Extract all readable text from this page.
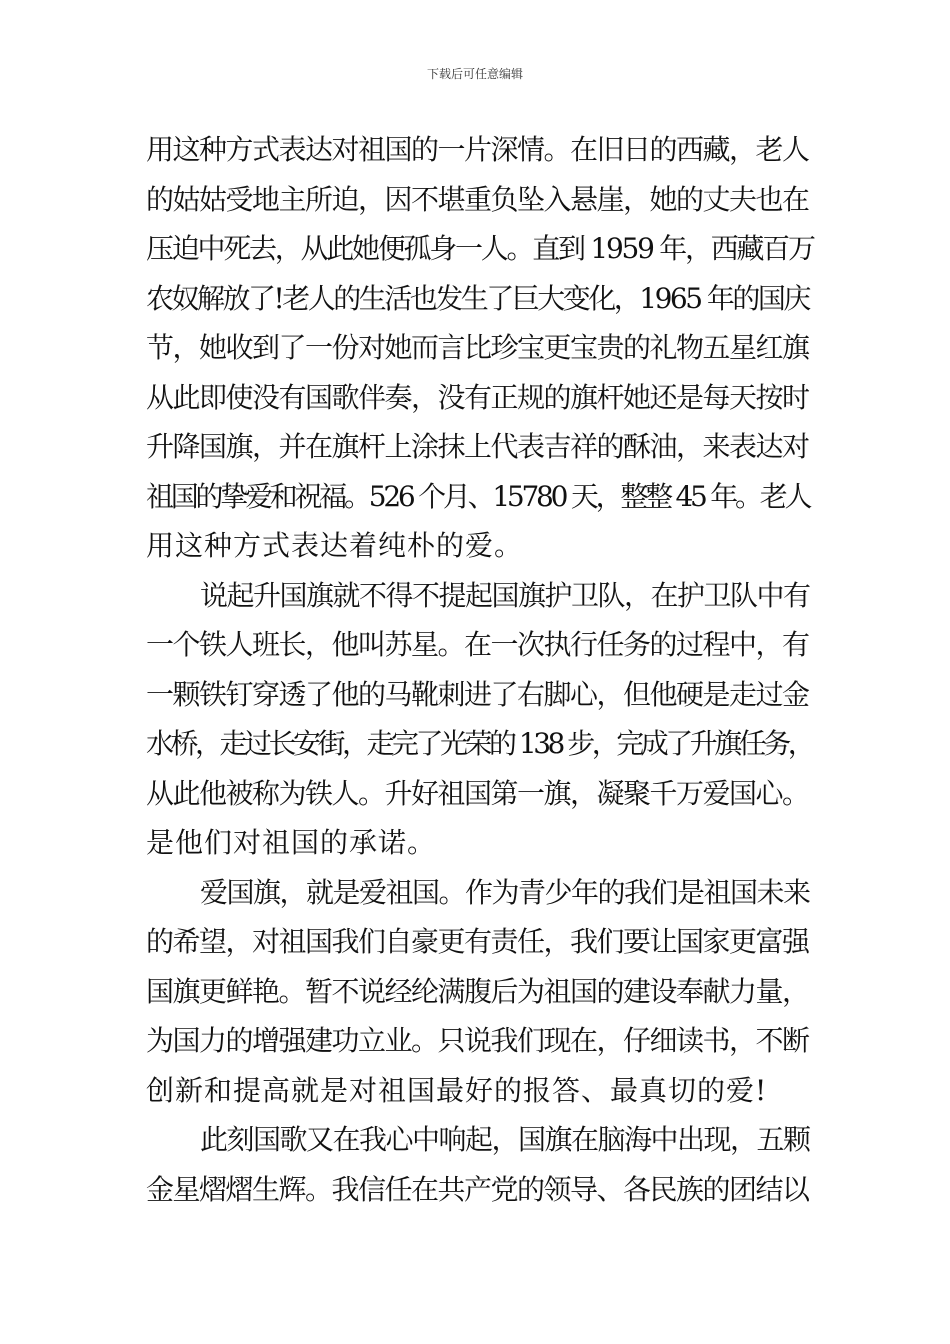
下载后可任意编辑
用这种方式表达对祖国的一片深情。在旧日的西藏，老人
的姑姑受地主所迫，因不堪重负坠入悬崖，她的丈夫也在
压迫中死去，从此她便孤身一人。直到 1959 年，西藏百万
农奴解放了!老人的生活也发生了巨大变化，1965 年的国庆
节，她收到了一份对她而言比珍宝更宝贵的礼物五星红旗
从此即使没有国歌伴奏，没有正规的旗杆她还是每天按时
升降国旗，并在旗杆上涂抹上代表吉祥的酥油，来表达对
祖国的挚爱和祝福。526 个月、15780 天，整整 45 年。老人
用这种方式表达着纯朴的爱。
说起升国旗就不得不提起国旗护卫队，在护卫队中有
一个铁人班长，他叫苏星。在一次执行任务的过程中，有
一颗铁钉穿透了他的马靴刺进了右脚心，但他硬是走过金
水桥，走过长安街，走完了光荣的 138 步，完成了升旗任务，
从此他被称为铁人。升好祖国第一旗，凝聚千万爱国心。
是他们对祖国的承诺。
爱国旗，就是爱祖国。作为青少年的我们是祖国未来
的希望，对祖国我们自豪更有责任，我们要让国家更富强
国旗更鲜艳。暂不说经纶满腹后为祖国的建设奉献力量，
为国力的增强建功立业。只说我们现在，仔细读书，不断
创新和提高就是对祖国最好的报答、最真切的爱!
此刻国歌又在我心中响起，国旗在脑海中出现，五颗
金星熠熠生辉。我信任在共产党的领导、各民族的团结以
